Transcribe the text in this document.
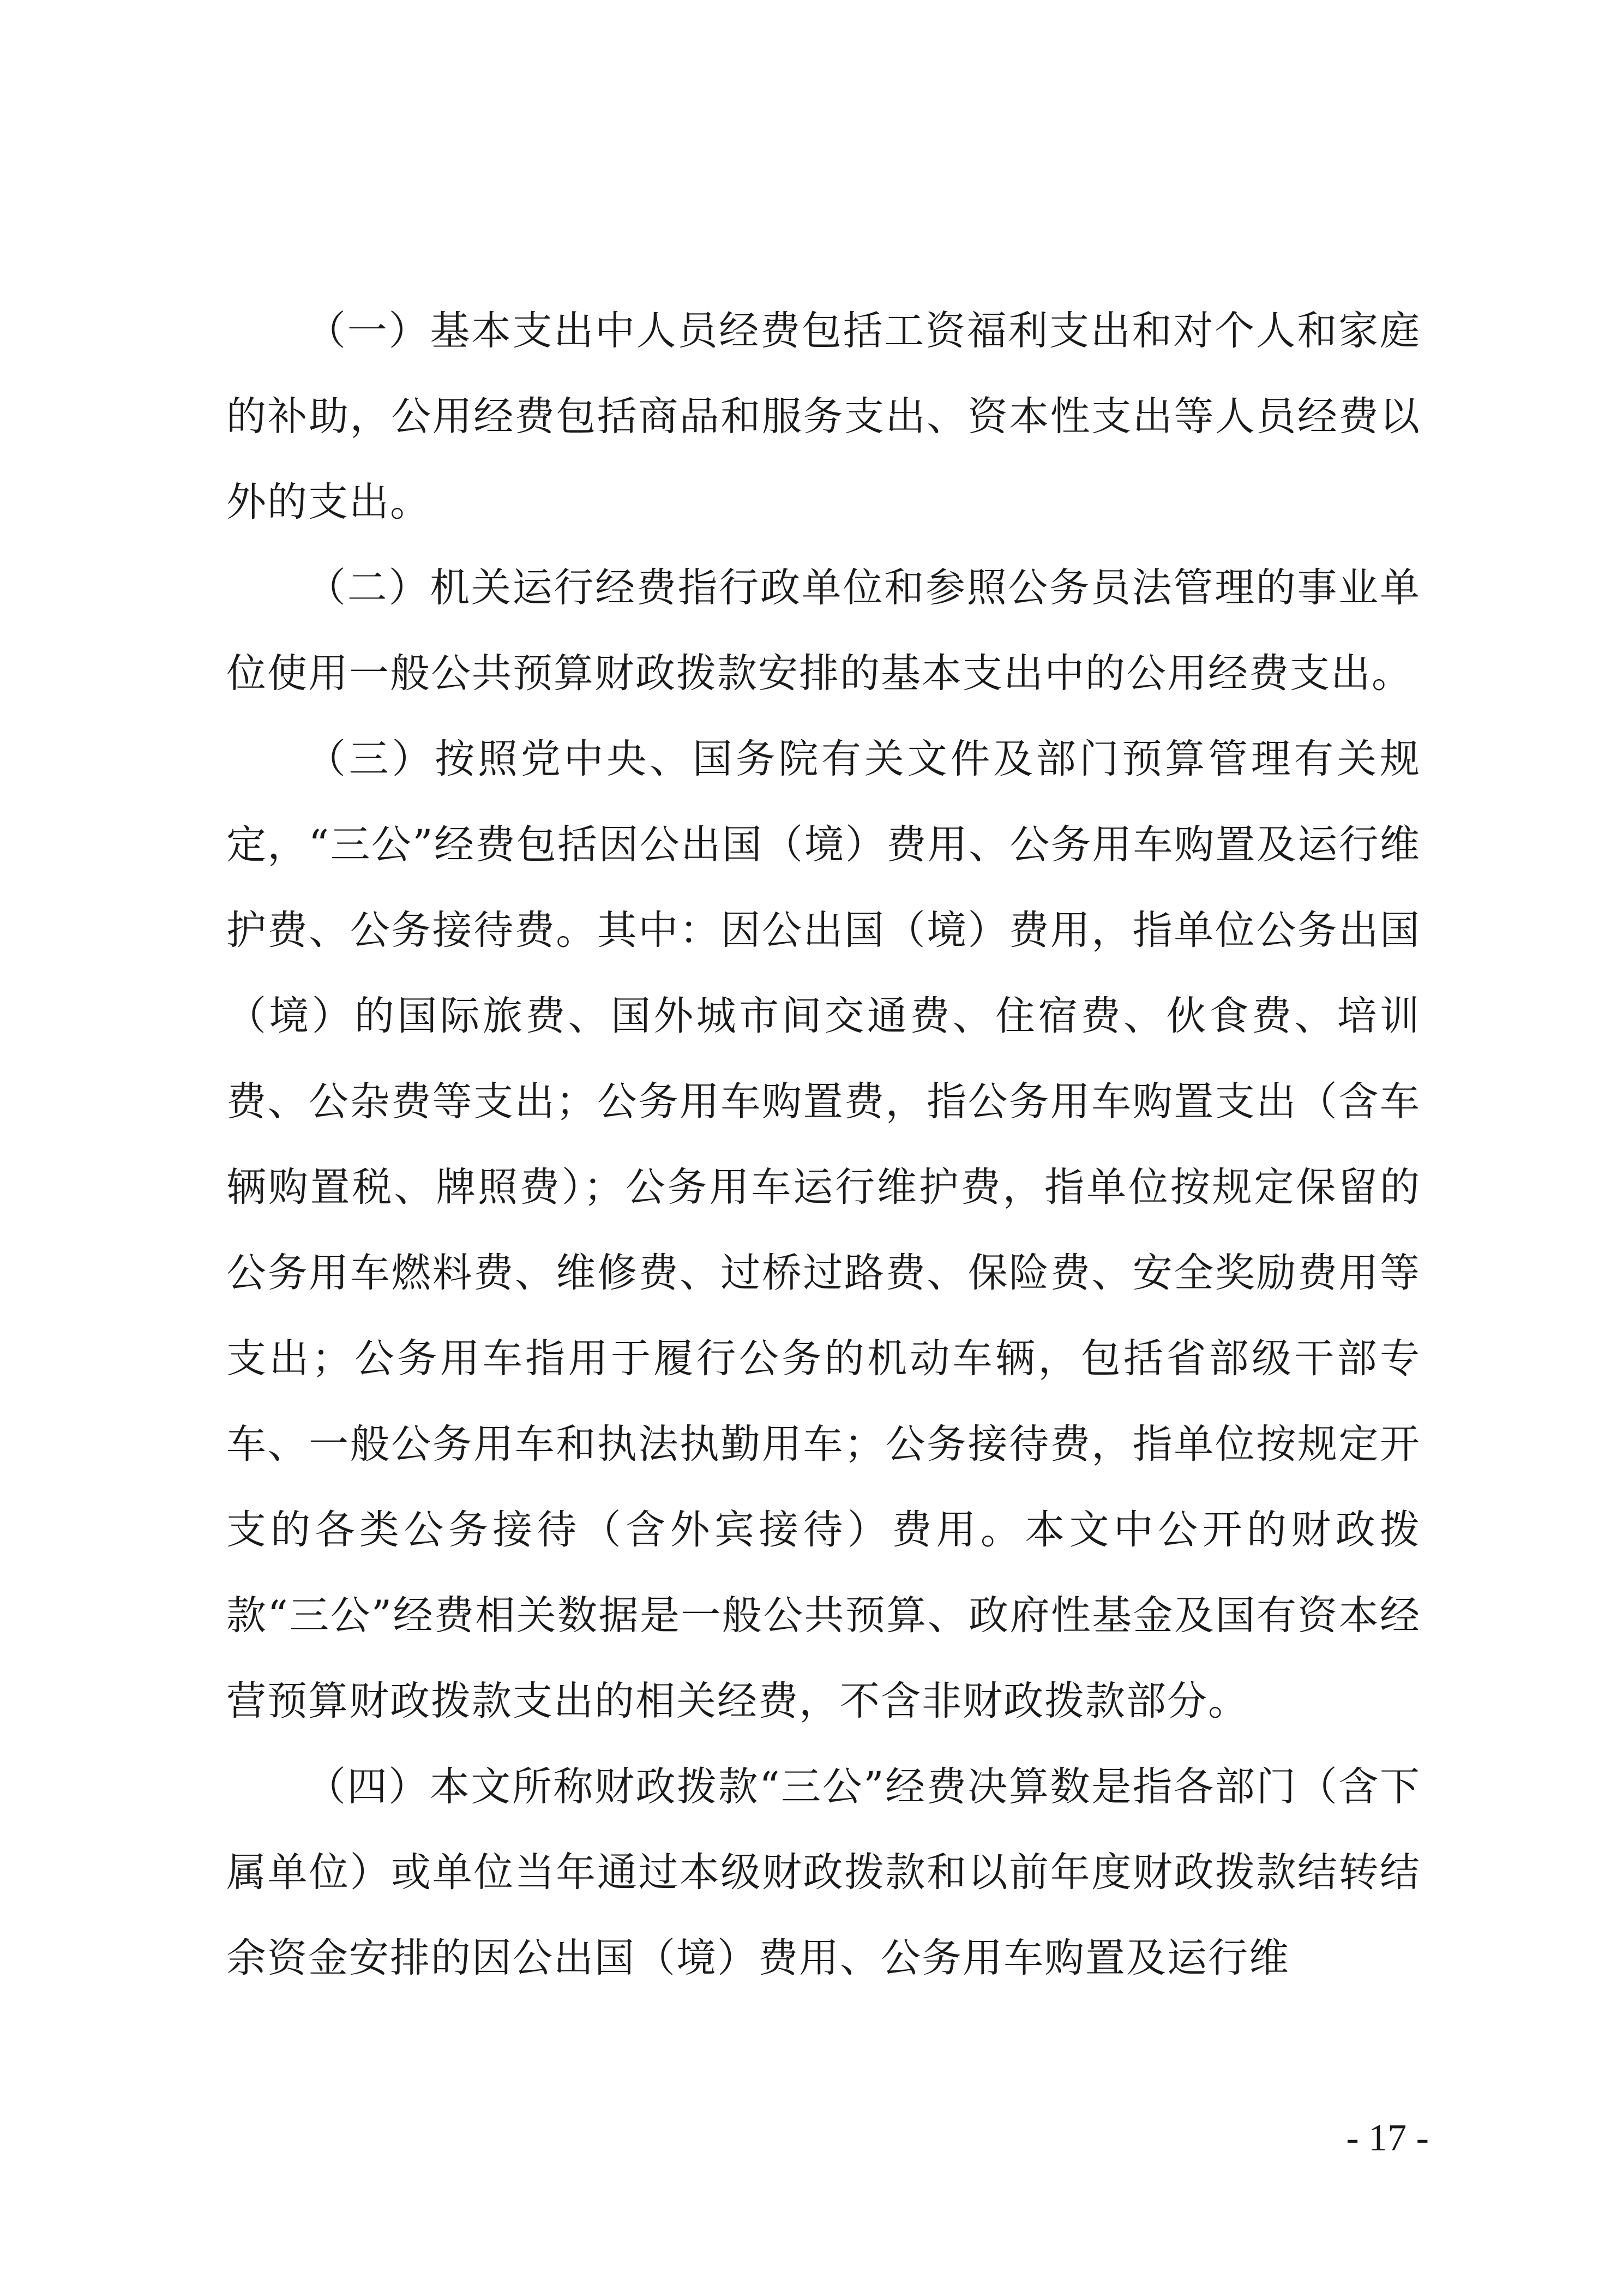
（一）基本支出中人员经费包括工资福利支出和对个人和家庭的补助，公用经费包括商品和服务支出、资本性支出等人员经费以外的支出。

（二）机关运行经费指行政单位和参照公务员法管理的事业单位使用一般公共预算财政拨款安排的基本支出中的公用经费支出。

（三）按照党中央、国务院有关文件及部门预算管理有关规定，“三公”经费包括因公出国（境）费用、公务用车购置及运行维护费、公务接待费。其中：因公出国（境）费用，指单位公务出国（境）的国际旅费、国外城市间交通费、住宿费、伙食费、培训费、公杂费等支出；公务用车购置费，指公务用车购置支出（含车辆购置税、牌照费）；公务用车运行维护费，指单位按规定保留的公务用车燃料费、维修费、过桥过路费、保险费、安全奖励费用等支出；公务用车指用于履行公务的机动车辆，包括省部级干部专车、一般公务用车和执法执勤用车；公务接待费，指单位按规定开支的各类公务接待（含外宾接待）费用。本文中公开的财政拨款“三公”经费相关数据是一般公共预算、政府性基金及国有资本经营预算财政拨款支出的相关经费，不含非财政拨款部分。

（四）本文所称财政拨款“三公”经费决算数是指各部门（含下属单位）或单位当年通过本级财政拨款和以前年度财政拨款结转结余资金安排的因公出国（境）费用、公务用车购置及运行维

- 17 -
